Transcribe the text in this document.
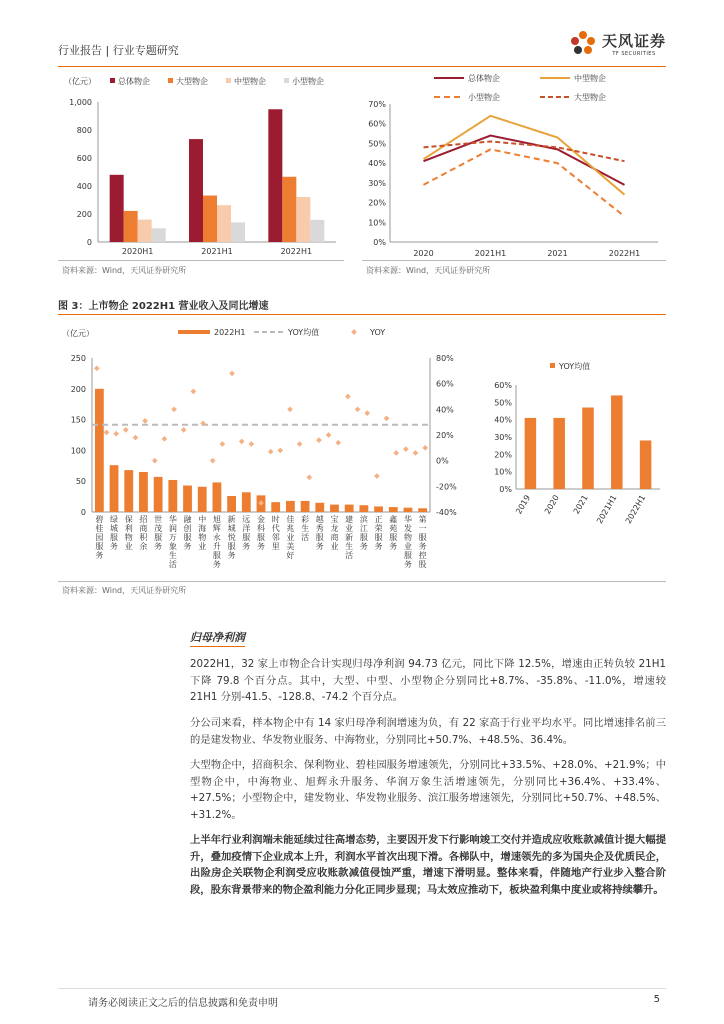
行业报告 | 行业专题研究
天风证券
TF SECURITIES
（亿元）	总体物企	大型物企	中型物企	小型物企
0
200
400
600
800
1,000
2020H1	2021H1	2022H1
资料来源：Wind，天风证券研究所
总体物企	中型物企
小型物企	大型物企
0%
10%
20%
30%
40%
50%
60%
70%
2020	2021H1	2021	2022H1
资料来源：Wind，天风证券研究所
图 3：上市物企 2022H1 营业收入及同比增速
（亿元）	2022H1	YOY均值	YOY
0
50
100
150
200
250
-40%
-20%
0%
20%
40%
60%
80%
碧桂园服务
绿城服务
保利物业
招商积余
世茂服务
华润万象生活
融创服务
中海物业
旭辉永升服务
新城悦服务
远洋服务
金科服务
时代邻里
佳兆业美好
彩生活
越秀服务
宝龙商业
建业新生活
滨江服务
正荣服务
鑫苑服务
华发物业服务
第一服务控股
YOY均值
0%
10%
20%
30%
40%
50%
60%
2019 2020 2021 2021H1 2022H1
资料来源：Wind，天风证券研究所
归母净利润
2022H1，32 家上市物企合计实现归母净利润 94.73 亿元，同比下降 12.5%，增速由正转负较 21H1 下降 79.8 个百分点。其中，大型、中型、小型物企分别同比+8.7%、-35.8%、-11.0%，增速较 21H1 分别-41.5、-128.8、-74.2 个百分点。
分公司来看，样本物企中有 14 家归母净利润增速为负，有 22 家高于行业平均水平。同比增速排名前三的是建发物业、华发物业服务、中海物业，分别同比+50.7%、+48.5%、36.4%。
大型物企中，招商积余、保利物业、碧桂园服务增速领先，分别同比+33.5%、+28.0%、+21.9%；中型物企中，中海物业、旭辉永升服务、华润万象生活增速领先，分别同比+36.4%、+33.4%、+27.5%；小型物企中，建发物业、华发物业服务、滨江服务增速领先，分别同比+50.7%、+48.5%、+31.2%。
上半年行业利润端未能延续过往高增态势，主要因开发下行影响竣工交付并造成应收账款减值计提大幅提升，叠加疫情下企业成本上升，利润水平首次出现下滑。各梯队中，增速领先的多为国央企及优质民企，出险房企关联物企利润受应收账款减值侵蚀严重，增速下滑明显。整体来看，伴随地产行业步入整合阶段，股东背景带来的物企盈利能力分化正同步显现；马太效应推动下，板块盈利集中度业或将持续攀升。
请务必阅读正文之后的信息披露和免责申明	5
